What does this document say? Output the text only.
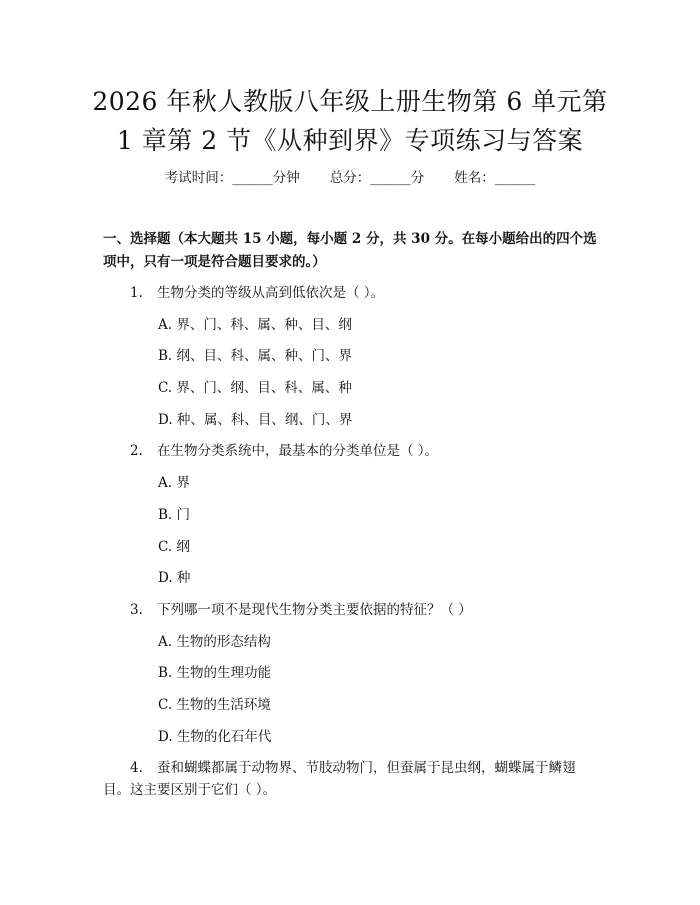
2026 年秋人教版八年级上册生物第 6 单元第
1 章第 2 节《从种到界》专项练习与答案
考试时间：______分钟 总分：______分 姓名：______
一、选择题（本大题共 15 小题，每小题 2 分，共 30 分。在每小题给出的四个选
项中，只有一项是符合题目要求的。）
1. 生物分类的等级从高到低依次是（ ）。
A. 界、门、科、属、种、目、纲
B. 纲、目、科、属、种、门、界
C. 界、门、纲、目、科、属、种
D. 种、属、科、目、纲、门、界
2. 在生物分类系统中，最基本的分类单位是（ ）。
A. 界
B. 门
C. 纲
D. 种
3. 下列哪一项不是现代生物分类主要依据的特征？（ ）
A. 生物的形态结构
B. 生物的生理功能
C. 生物的生活环境
D. 生物的化石年代
4. 蚕和蝴蝶都属于动物界、节肢动物门，但蚕属于昆虫纲，蝴蝶属于鳞翅
目。这主要区别于它们（ ）。
